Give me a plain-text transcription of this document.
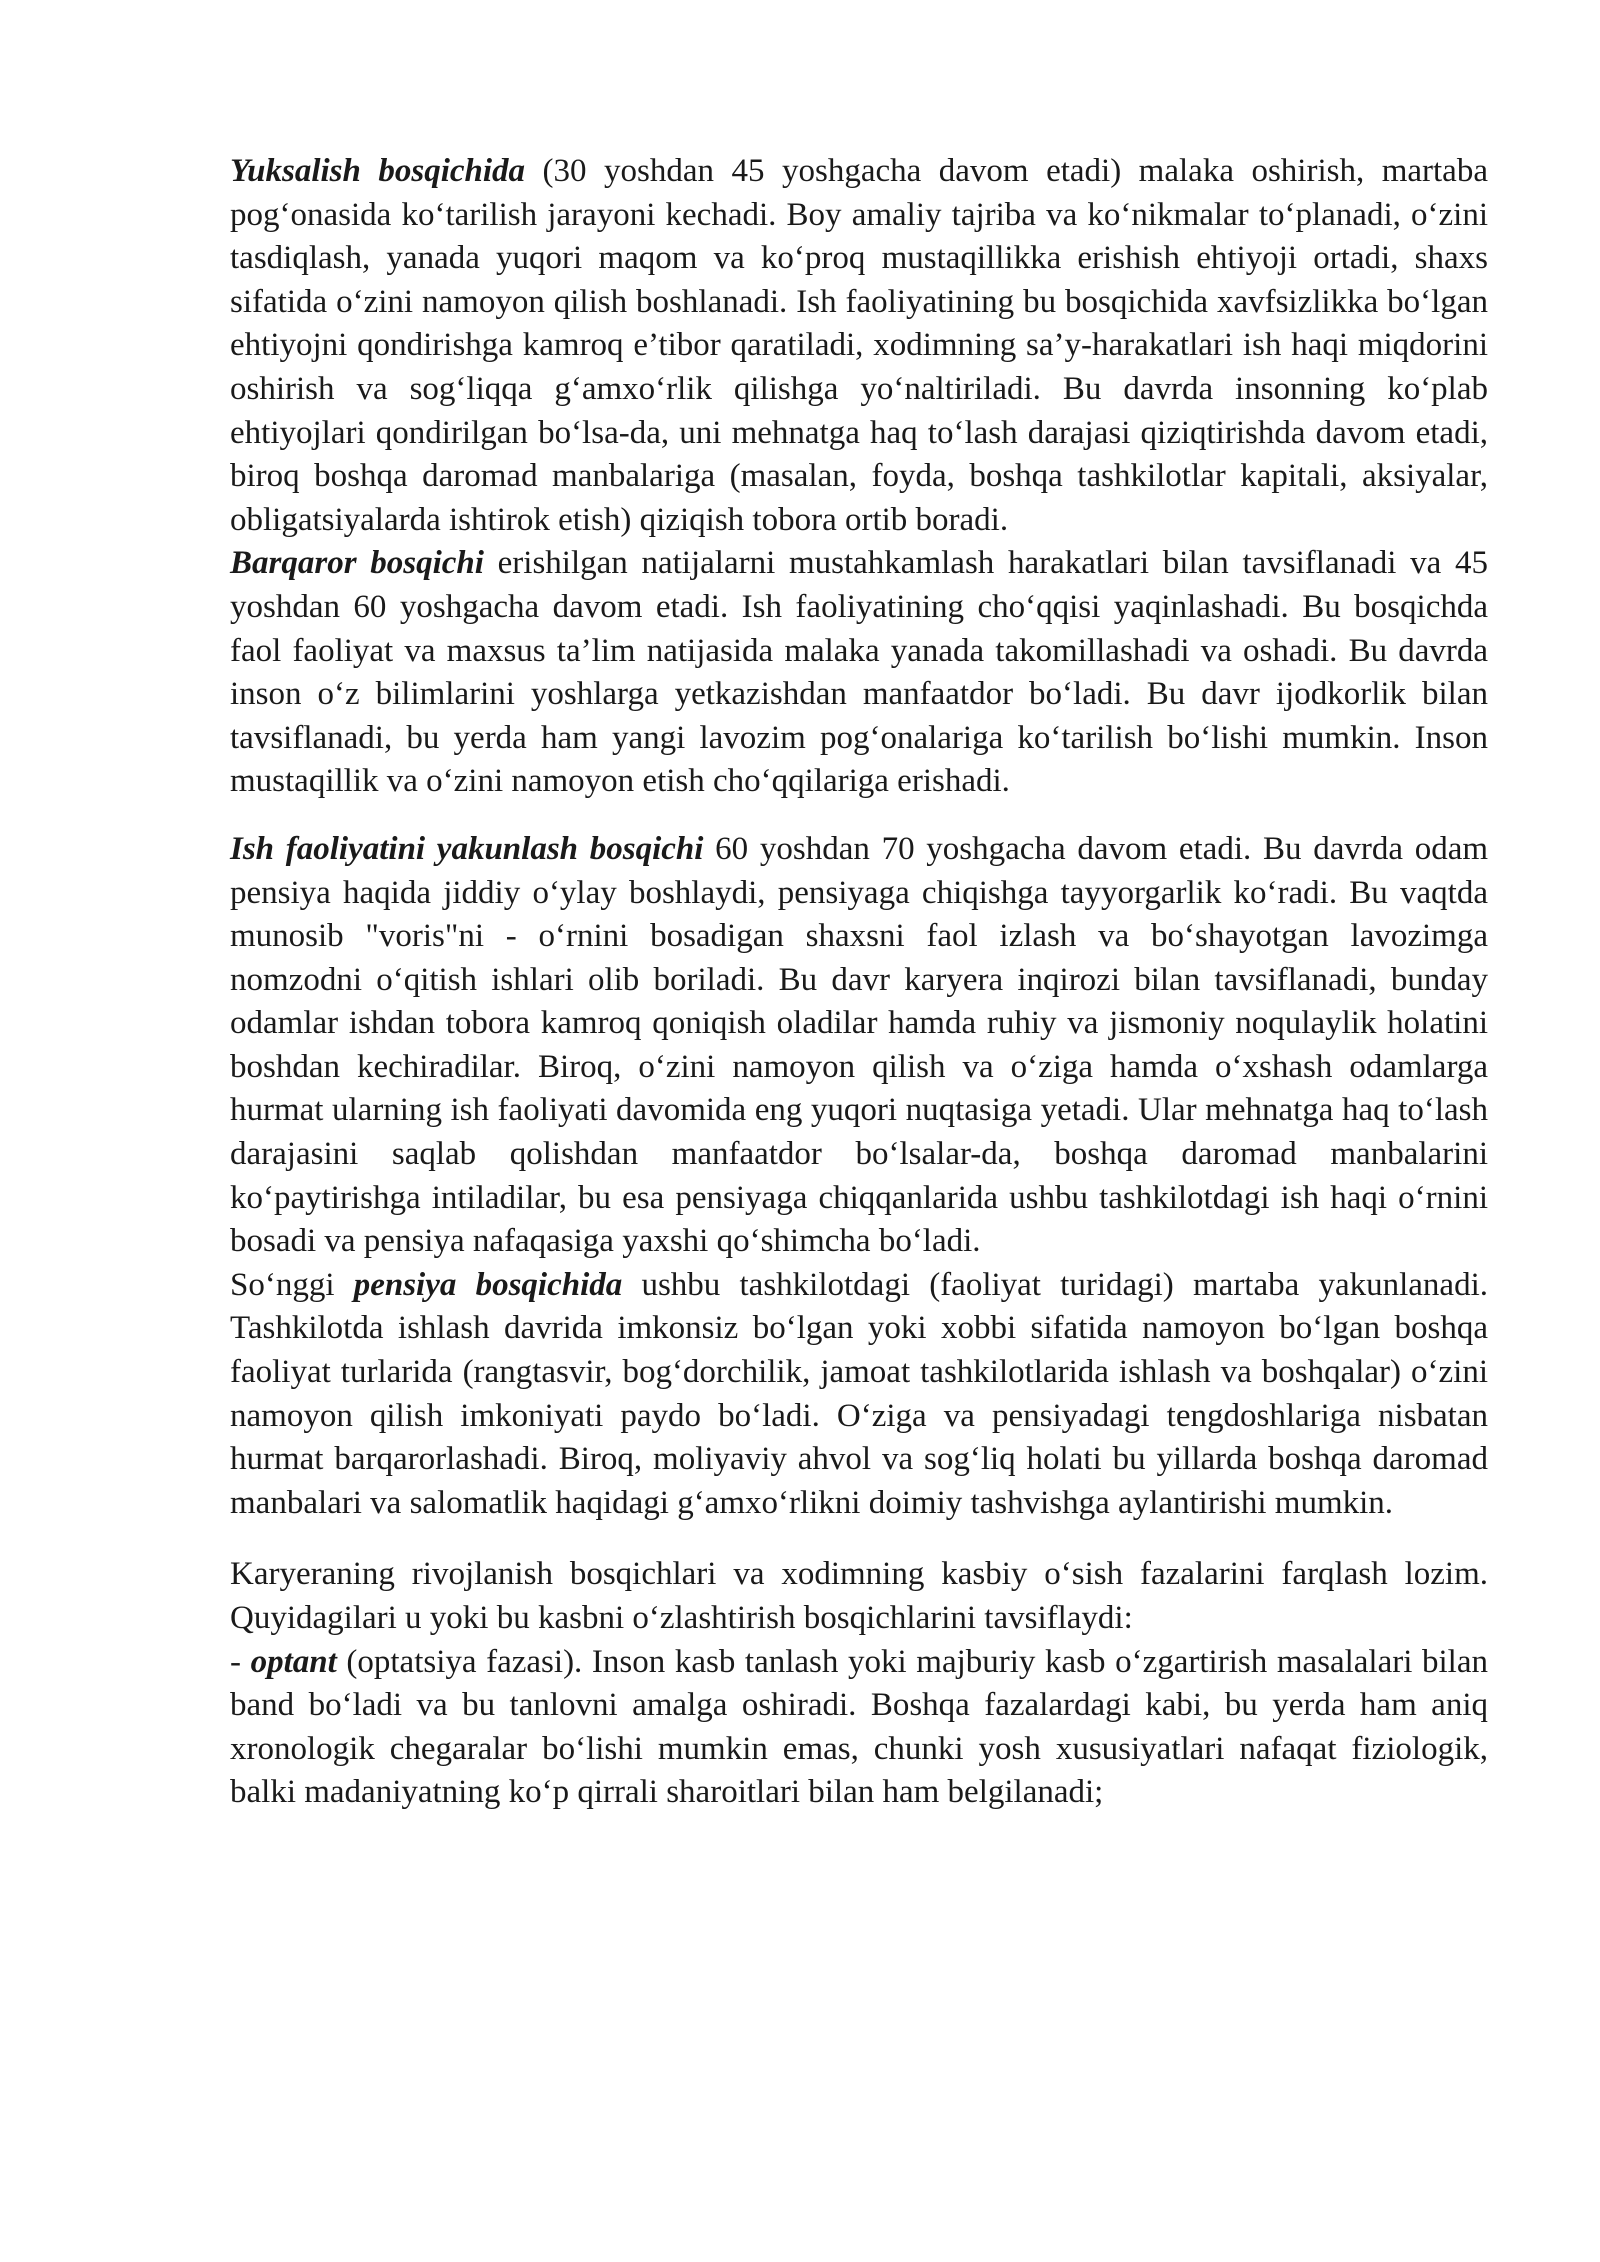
Yuksalish bosqichida (30 yoshdan 45 yoshgacha davom etadi) malaka oshirish, martaba pog‘onasida ko‘tarilish jarayoni kechadi. Boy amaliy tajriba va ko‘nikmalar to‘planadi, o‘zini tasdiqlash, yanada yuqori maqom va ko‘proq mustaqillikka erishish ehtiyoji ortadi, shaxs sifatida o‘zini namoyon qilish boshlanadi. Ish faoliyatining bu bosqichida xavfsizlikka bo‘lgan ehtiyojni qondirishga kamroq e’tibor qaratiladi, xodimning sa’y-harakatlari ish haqi miqdorini oshirish va sog‘liqqa g‘amxo‘rlik qilishga yo‘naltiriladi. Bu davrda insonning ko‘plab ehtiyojlari qondirilgan bo‘lsa-da, uni mehnatga haq to‘lash darajasi qiziqtirishda davom etadi, biroq boshqa daromad manbalariga (masalan, foyda, boshqa tashkilotlar kapitali, aksiyalar, obligatsiyalarda ishtirok etish) qiziqish tobora ortib boradi.

Barqaror bosqichi erishilgan natijalarni mustahkamlash harakatlari bilan tavsiflanadi va 45 yoshdan 60 yoshgacha davom etadi. Ish faoliyatining cho‘qqisi yaqinlashadi. Bu bosqichda faol faoliyat va maxsus ta’lim natijasida malaka yanada takomillashadi va oshadi. Bu davrda inson o‘z bilimlarini yoshlarga yetkazishdan manfaatdor bo‘ladi. Bu davr ijodkorlik bilan tavsiflanadi, bu yerda ham yangi lavozim pog‘onalariga ko‘tarilish bo‘lishi mumkin. Inson mustaqillik va o‘zini namoyon etish cho‘qqilariga erishadi.

Ish faoliyatini yakunlash bosqichi 60 yoshdan 70 yoshgacha davom etadi. Bu davrda odam pensiya haqida jiddiy o‘ylay boshlaydi, pensiyaga chiqishga tayyorgarlik ko‘radi. Bu vaqtda munosib "voris"ni - o‘rnini bosadigan shaxsni faol izlash va bo‘shayotgan lavozimga nomzodni o‘qitish ishlari olib boriladi. Bu davr karyera inqirozi bilan tavsiflanadi, bunday odamlar ishdan tobora kamroq qoniqish oladilar hamda ruhiy va jismoniy noqulaylik holatini boshdan kechiradilar. Biroq, o‘zini namoyon qilish va o‘ziga hamda o‘xshash odamlarga hurmat ularning ish faoliyati davomida eng yuqori nuqtasiga yetadi. Ular mehnatga haq to‘lash darajasini saqlab qolishdan manfaatdor bo‘lsalar-da, boshqa daromad manbalarini ko‘paytirishga intiladilar, bu esa pensiyaga chiqqanlarida ushbu tashkilotdagi ish haqi o‘rnini bosadi va pensiya nafaqasiga yaxshi qo‘shimcha bo‘ladi.

So‘nggi pensiya bosqichida ushbu tashkilotdagi (faoliyat turidagi) martaba yakunlanadi. Tashkilotda ishlash davrida imkonsiz bo‘lgan yoki xobbi sifatida namoyon bo‘lgan boshqa faoliyat turlarida (rangtasvir, bog‘dorchilik, jamoat tashkilotlarida ishlash va boshqalar) o‘zini namoyon qilish imkoniyati paydo bo‘ladi. O‘ziga va pensiyadagi tengdoshlariga nisbatan hurmat barqarorlashadi. Biroq, moliyaviy ahvol va sog‘liq holati bu yillarda boshqa daromad manbalari va salomatlik haqidagi g‘amxo‘rlikni doimiy tashvishga aylantirishi mumkin.

Karyeraning rivojlanish bosqichlari va xodimning kasbiy o‘sish fazalarini farqlash lozim. Quyidagilari u yoki bu kasbni o‘zlashtirish bosqichlarini tavsiflaydi:

- optant (optatsiya fazasi). Inson kasb tanlash yoki majburiy kasb o‘zgartirish masalalari bilan band bo‘ladi va bu tanlovni amalga oshiradi. Boshqa fazalardagi kabi, bu yerda ham aniq xronologik chegaralar bo‘lishi mumkin emas, chunki yosh xususiyatlari nafaqat fiziologik, balki madaniyatning ko‘p qirrali sharoitlari bilan ham belgilanadi;
